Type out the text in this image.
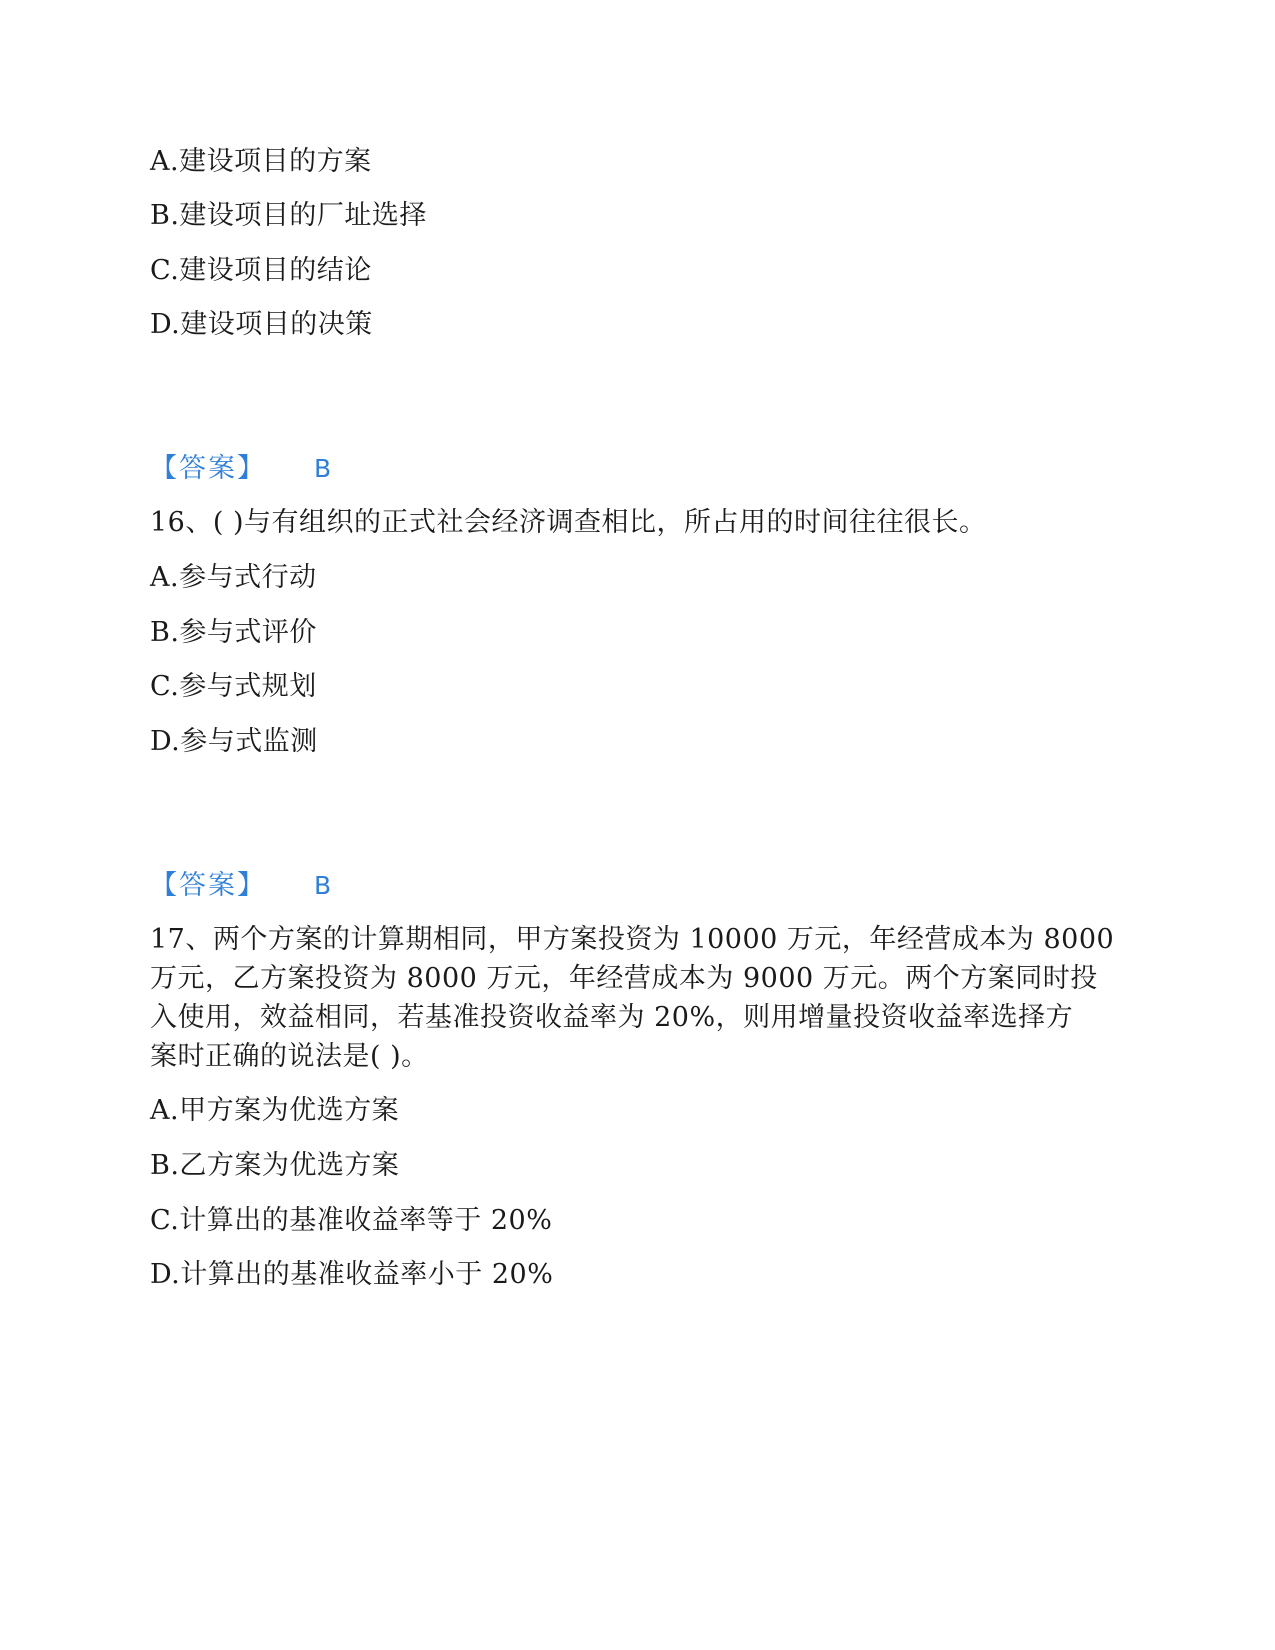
A.建设项目的方案
B.建设项目的厂址选择
C.建设项目的结论
D.建设项目的决策
【答案】 B
16、( )与有组织的正式社会经济调查相比，所占用的时间往往很长。
A.参与式行动
B.参与式评价
C.参与式规划
D.参与式监测
【答案】 B
17、两个方案的计算期相同，甲方案投资为 10000 万元，年经营成本为 8000
万元，乙方案投资为 8000 万元，年经营成本为 9000 万元。两个方案同时投
入使用，效益相同，若基准投资收益率为 20%，则用增量投资收益率选择方
案时正确的说法是( )。
A.甲方案为优选方案
B.乙方案为优选方案
C.计算出的基准收益率等于 20%
D.计算出的基准收益率小于 20%
